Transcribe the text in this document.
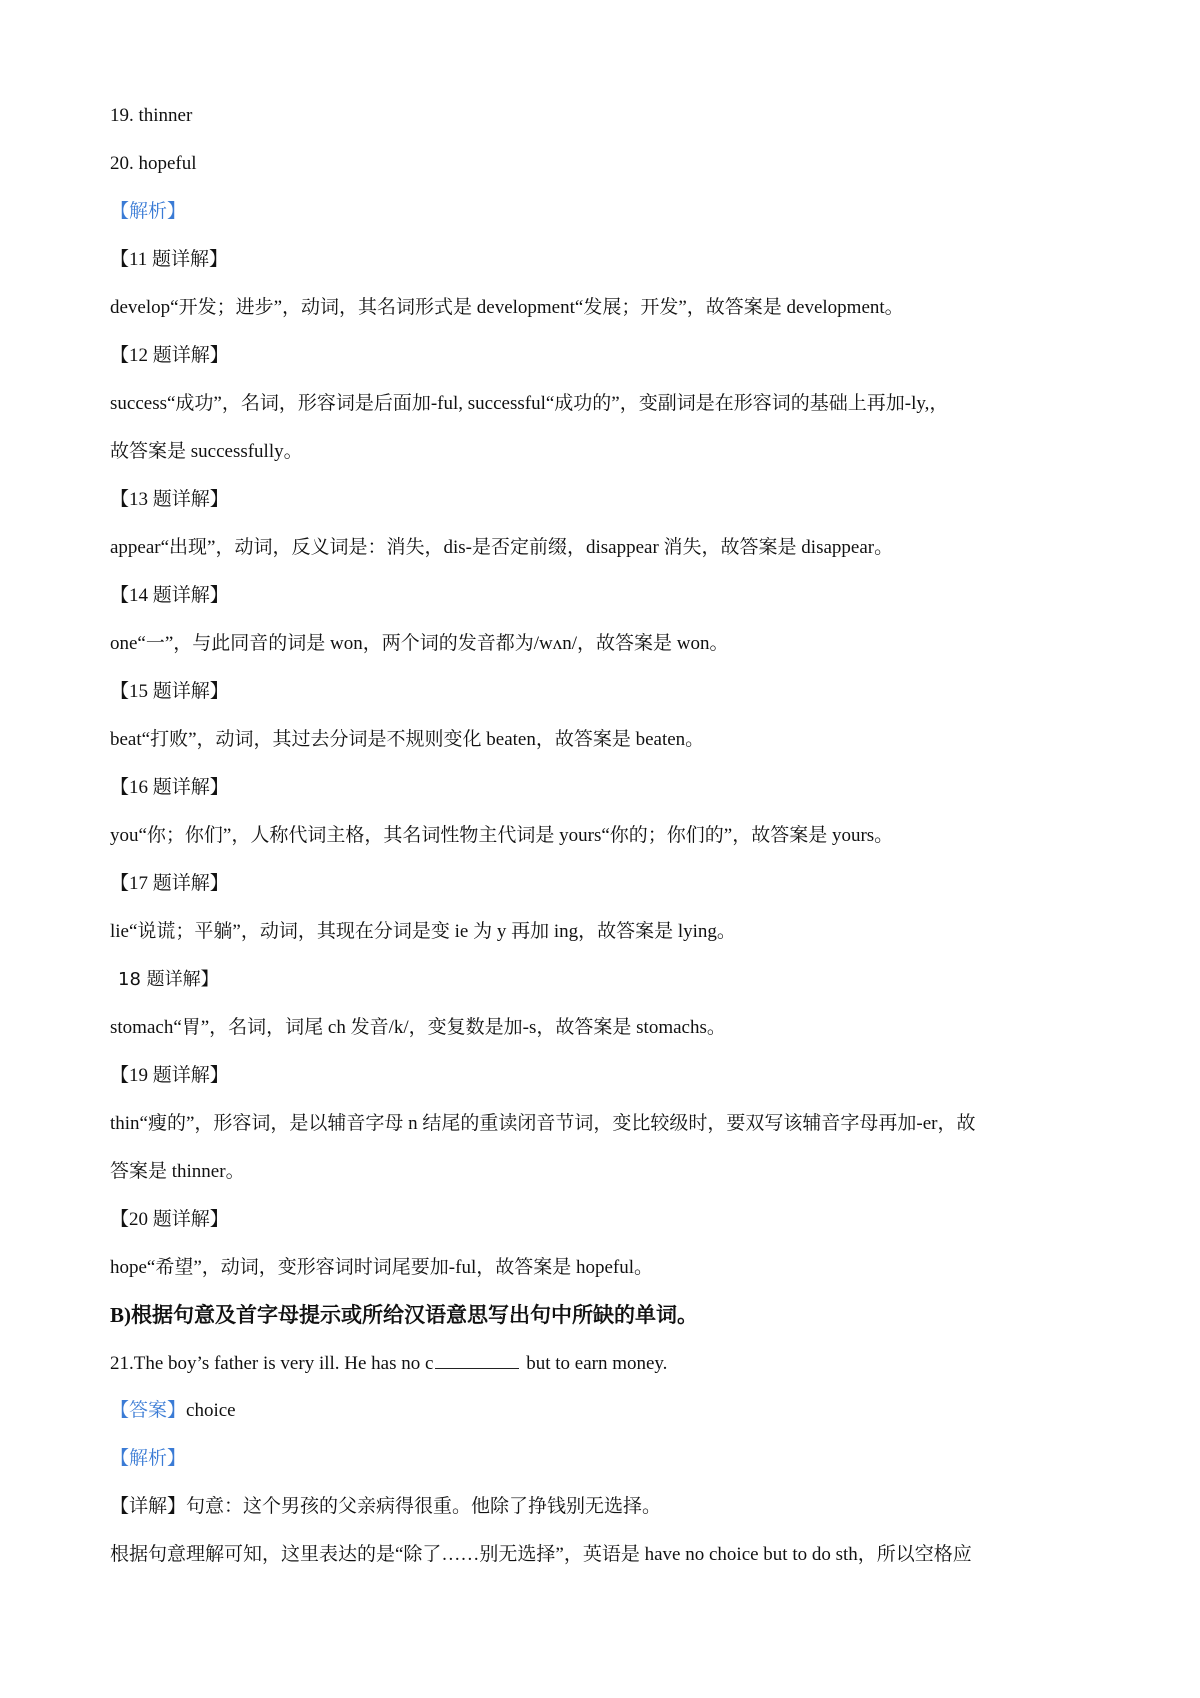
19. thinner
20. hopeful
【解析】
【11 题详解】
develop“开发；进步”，动词，其名词形式是 development“发展；开发”，故答案是 development。
【12 题详解】
success“成功”，名词，形容词是后面加-ful, successful“成功的”，变副词是在形容词的基础上再加-ly,，
故答案是 successfully。
【13 题详解】
appear“出现”，动词，反义词是：消失，dis-是否定前缀，disappear 消失，故答案是 disappear。
【14 题详解】
one“一”，与此同音的词是 won，两个词的发音都为/wʌn/，故答案是 won。
【15 题详解】
beat“打败”，动词，其过去分词是不规则变化 beaten，故答案是 beaten。
【16 题详解】
you“你；你们”，人称代词主格，其名词性物主代词是 yours“你的；你们的”，故答案是 yours。
【17 题详解】
lie“说谎；平躺”，动词，其现在分词是变 ie 为 y 再加 ing，故答案是 lying。
18 题详解】
stomach“胃”，名词，词尾 ch 发音/k/，变复数是加-s，故答案是 stomachs。
【19 题详解】
thin“瘦的”，形容词，是以辅音字母 n 结尾的重读闭音节词，变比较级时，要双写该辅音字母再加-er，故
答案是 thinner。
【20 题详解】
hope“希望”，动词，变形容词时词尾要加-ful，故答案是 hopeful。
B)根据句意及首字母提示或所给汉语意思写出句中所缺的单词。
21.The boy’s father is very ill. He has no c	but to earn money.
【答案】choice
【解析】
【详解】句意：这个男孩的父亲病得很重。他除了挣钱别无选择。
根据句意理解可知，这里表达的是“除了……别无选择”，英语是 have no choice but to do sth，所以空格应
